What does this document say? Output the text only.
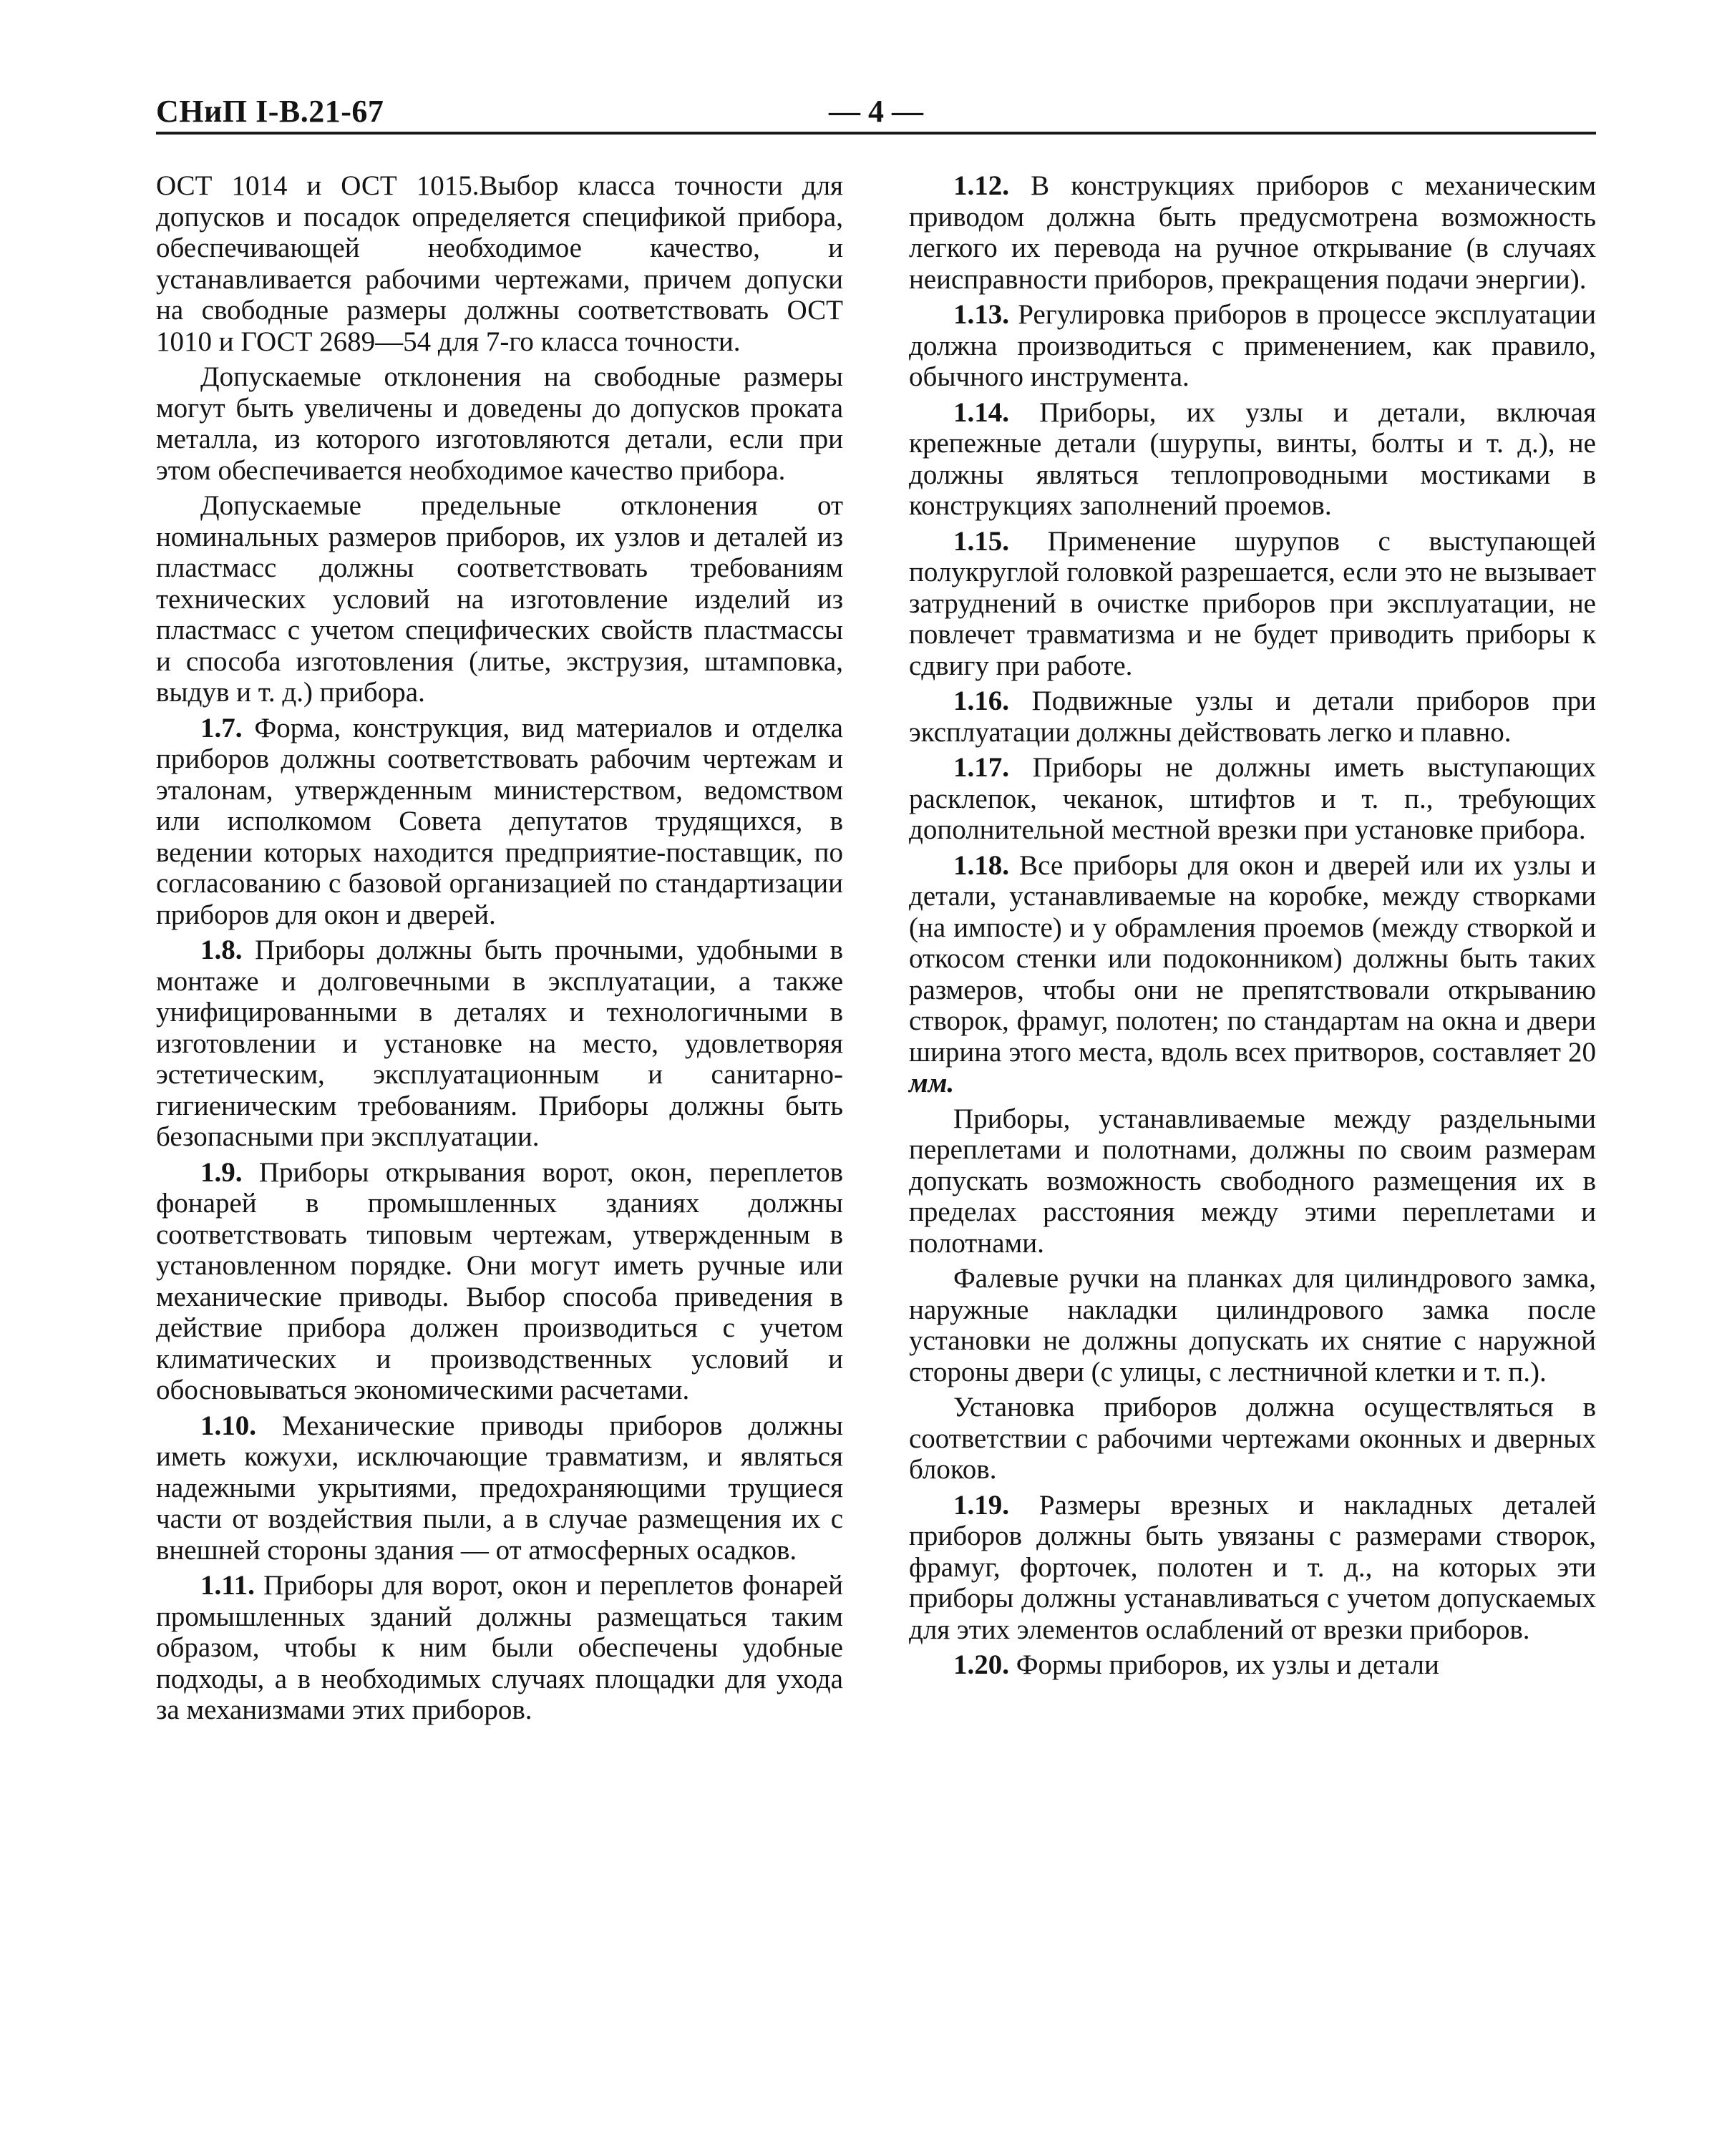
СНиП I-В.21-67	— 4 —

ОСТ 1014 и ОСТ 1015.Выбор класса точности для допусков и посадок определяется спецификой прибора, обеспечивающей необходимое качество, и устанавливается рабочими чертежами, причем допуски на свободные размеры должны соответствовать ОСТ 1010 и ГОСТ 2689—54 для 7-го класса точности.

Допускаемые отклонения на свободные размеры могут быть увеличены и доведены до допусков проката металла, из которого изготовляются детали, если при этом обеспечивается необходимое качество прибора.

Допускаемые предельные отклонения от номинальных размеров приборов, их узлов и деталей из пластмасс должны соответствовать требованиям технических условий на изготовление изделий из пластмасс с учетом специфических свойств пластмассы и способа изготовления (литье, экструзия, штамповка, выдув и т. д.) прибора.

1.7. Форма, конструкция, вид материалов и отделка приборов должны соответствовать рабочим чертежам и эталонам, утвержденным министерством, ведомством или исполкомом Совета депутатов трудящихся, в ведении которых находится предприятие-поставщик, по согласованию с базовой организацией по стандартизации приборов для окон и дверей.

1.8. Приборы должны быть прочными, удобными в монтаже и долговечными в эксплуатации, а также унифицированными в деталях и технологичными в изготовлении и установке на место, удовлетворяя эстетическим, эксплуатационным и санитарно-гигиеническим требованиям. Приборы должны быть безопасными при эксплуатации.

1.9. Приборы открывания ворот, окон, переплетов фонарей в промышленных зданиях должны соответствовать типовым чертежам, утвержденным в установленном порядке. Они могут иметь ручные или механические приводы. Выбор способа приведения в действие прибора должен производиться с учетом климатических и производственных условий и обосновываться экономическими расчетами.

1.10. Механические приводы приборов должны иметь кожухи, исключающие травматизм, и являться надежными укрытиями, предохраняющими трущиеся части от воздействия пыли, а в случае размещения их с внешней стороны здания — от атмосферных осадков.

1.11. Приборы для ворот, окон и переплетов фонарей промышленных зданий должны размещаться таким образом, чтобы к ним были обеспечены удобные подходы, а в необходимых случаях площадки для ухода за механизмами этих приборов.

1.12. В конструкциях приборов с механическим приводом должна быть предусмотрена возможность легкого их перевода на ручное открывание (в случаях неисправности приборов, прекращения подачи энергии).

1.13. Регулировка приборов в процессе эксплуатации должна производиться с применением, как правило, обычного инструмента.

1.14. Приборы, их узлы и детали, включая крепежные детали (шурупы, винты, болты и т. д.), не должны являться теплопроводными мостиками в конструкциях заполнений проемов.

1.15. Применение шурупов с выступающей полукруглой головкой разрешается, если это не вызывает затруднений в очистке приборов при эксплуатации, не повлечет травматизма и не будет приводить приборы к сдвигу при работе.

1.16. Подвижные узлы и детали приборов при эксплуатации должны действовать легко и плавно.

1.17. Приборы не должны иметь выступающих расклепок, чеканок, штифтов и т. п., требующих дополнительной местной врезки при установке прибора.

1.18. Все приборы для окон и дверей или их узлы и детали, устанавливаемые на коробке, между створками (на импосте) и у обрамления проемов (между створкой и откосом стенки или подоконником) должны быть таких размеров, чтобы они не препятствовали открыванию створок, фрамуг, полотен; по стандартам на окна и двери ширина этого места, вдоль всех притворов, составляет 20 мм.

Приборы, устанавливаемые между раздельными переплетами и полотнами, должны по своим размерам допускать возможность свободного размещения их в пределах расстояния между этими переплетами и полотнами.

Фалевые ручки на планках для цилиндрового замка, наружные накладки цилиндрового замка после установки не должны допускать их снятие с наружной стороны двери (с улицы, с лестничной клетки и т. п.).

Установка приборов должна осуществляться в соответствии с рабочими чертежами оконных и дверных блоков.

1.19. Размеры врезных и накладных деталей приборов должны быть увязаны с размерами створок, фрамуг, форточек, полотен и т. д., на которых эти приборы должны устанавливаться с учетом допускаемых для этих элементов ослаблений от врезки приборов.

1.20. Формы приборов, их узлы и детали
